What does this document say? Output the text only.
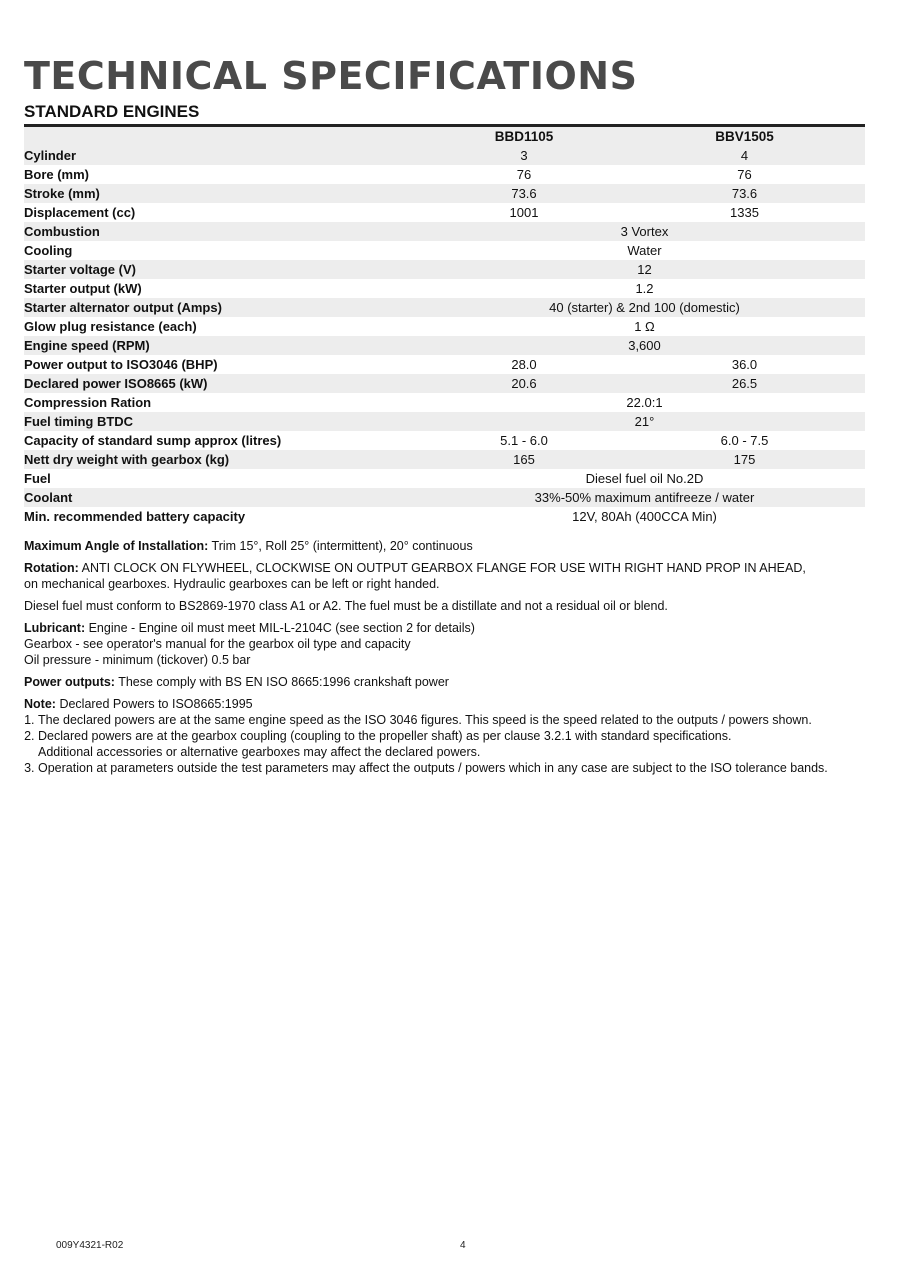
TECHNICAL SPECIFICATIONS
STANDARD ENGINES
	BBD1105	BBV1505
Cylinder	3	4
Bore (mm)	76	76
Stroke (mm)	73.6	73.6
Displacement (cc)	1001	1335
Combustion	3 Vortex	
Cooling	Water	
Starter voltage (V)	12	
Starter output (kW)	1.2	
Starter alternator output (Amps)	40 (starter) & 2nd 100 (domestic)	
Glow plug resistance (each)	1 Ω	
Engine speed (RPM)	3,600	
Power output to ISO3046 (BHP)	28.0	36.0
Declared power ISO8665 (kW)	20.6	26.5
Compression Ration	22.0:1	
Fuel timing BTDC	21°	
Capacity of standard sump approx (litres)	5.1 - 6.0	6.0 - 7.5
Nett dry weight with gearbox (kg)	165	175
Fuel	Diesel fuel oil No.2D	
Coolant	33%-50% maximum antifreeze / water	
Min. recommended battery capacity	12V, 80Ah (400CCA Min)	

Maximum Angle of Installation: Trim 15°, Roll 25° (intermittent), 20° continuous

Rotation: ANTI CLOCK ON FLYWHEEL, CLOCKWISE ON OUTPUT GEARBOX FLANGE FOR USE WITH RIGHT HAND PROP IN AHEAD,
on mechanical gearboxes. Hydraulic gearboxes can be left or right handed.

Diesel fuel must conform to BS2869-1970 class A1 or A2. The fuel must be a distillate and not a residual oil or blend.

Lubricant: Engine - Engine oil must meet MIL-L-2104C (see section 2 for details)
Gearbox - see operator's manual for the gearbox oil type and capacity
Oil pressure - minimum (tickover) 0.5 bar

Power outputs: These comply with BS EN ISO 8665:1996 crankshaft power

Note: Declared Powers to ISO8665:1995

1. The declared powers are at the same engine speed as the ISO 3046 figures. This speed is the speed related to the outputs / powers shown.
2. Declared powers are at the gearbox coupling (coupling to the propeller shaft) as per clause 3.2.1 with standard specifications.
Additional accessories or alternative gearboxes may affect the declared powers.
3. Operation at parameters outside the test parameters may affect the outputs / powers which in any case are subject to the ISO tolerance bands.
009Y4321-R02	4
